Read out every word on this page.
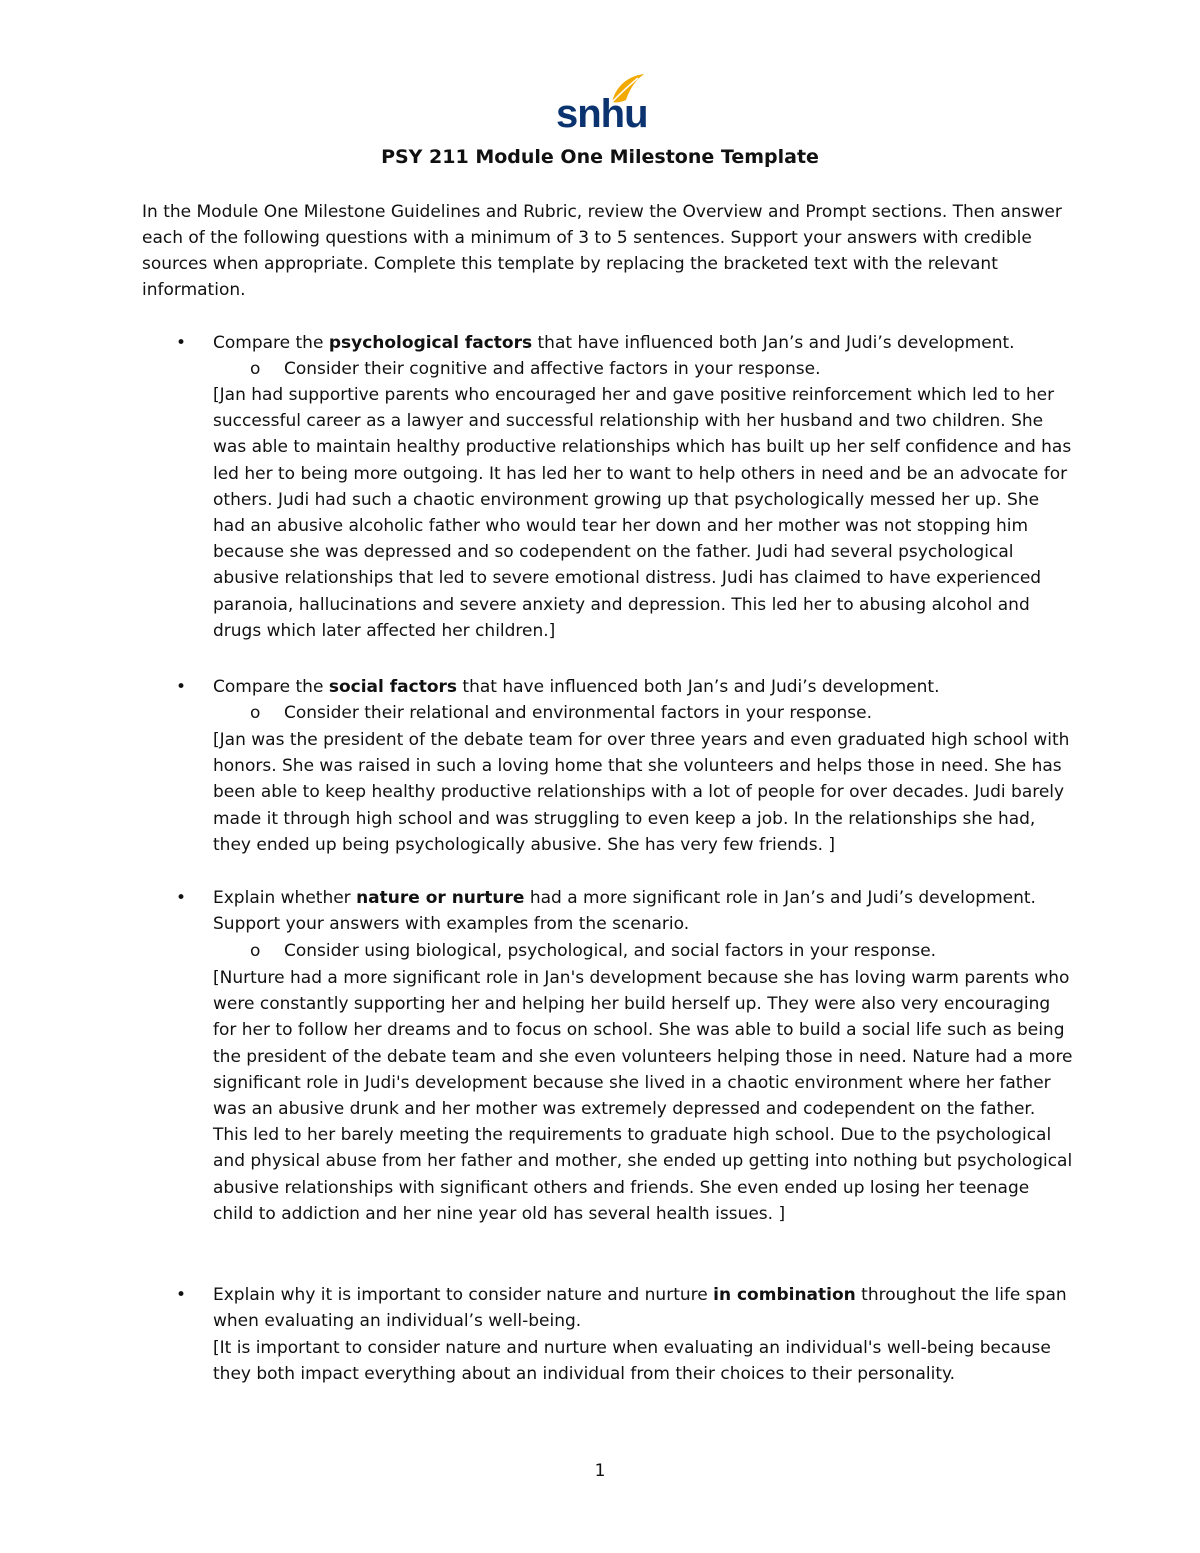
snhu
PSY 211 Module One Milestone Template
In the Module One Milestone Guidelines and Rubric, review the Overview and Prompt sections. Then answer each of the following questions with a minimum of 3 to 5 sentences. Support your answers with credible sources when appropriate. Complete this template by replacing the bracketed text with the relevant information.
• Compare the psychological factors that have influenced both Jan’s and Judi’s development.
o Consider their cognitive and affective factors in your response.
[Jan had supportive parents who encouraged her and gave positive reinforcement which led to her successful career as a lawyer and successful relationship with her husband and two children. She was able to maintain healthy productive relationships which has built up her self confidence and has led her to being more outgoing. It has led her to want to help others in need and be an advocate for others. Judi had such a chaotic environment growing up that psychologically messed her up. She had an abusive alcoholic father who would tear her down and her mother was not stopping him because she was depressed and so codependent on the father. Judi had several psychological abusive relationships that led to severe emotional distress. Judi has claimed to have experienced paranoia, hallucinations and severe anxiety and depression. This led her to abusing alcohol and drugs which later affected her children.]
• Compare the social factors that have influenced both Jan’s and Judi’s development.
o Consider their relational and environmental factors in your response.
[Jan was the president of the debate team for over three years and even graduated high school with honors. She was raised in such a loving home that she volunteers and helps those in need. She has been able to keep healthy productive relationships with a lot of people for over decades. Judi barely made it through high school and was struggling to even keep a job. In the relationships she had, they ended up being psychologically abusive. She has very few friends. ]
• Explain whether nature or nurture had a more significant role in Jan’s and Judi’s development. Support your answers with examples from the scenario.
o Consider using biological, psychological, and social factors in your response.
[Nurture had a more significant role in Jan's development because she has loving warm parents who were constantly supporting her and helping her build herself up. They were also very encouraging for her to follow her dreams and to focus on school. She was able to build a social life such as being the president of the debate team and she even volunteers helping those in need. Nature had a more significant role in Judi's development because she lived in a chaotic environment where her father was an abusive drunk and her mother was extremely depressed and codependent on the father. This led to her barely meeting the requirements to graduate high school. Due to the psychological and physical abuse from her father and mother, she ended up getting into nothing but psychological abusive relationships with significant others and friends. She even ended up losing her teenage child to addiction and her nine year old has several health issues. ]
• Explain why it is important to consider nature and nurture in combination throughout the life span when evaluating an individual’s well-being.
[It is important to consider nature and nurture when evaluating an individual's well-being because they both impact everything about an individual from their choices to their personality.
1
